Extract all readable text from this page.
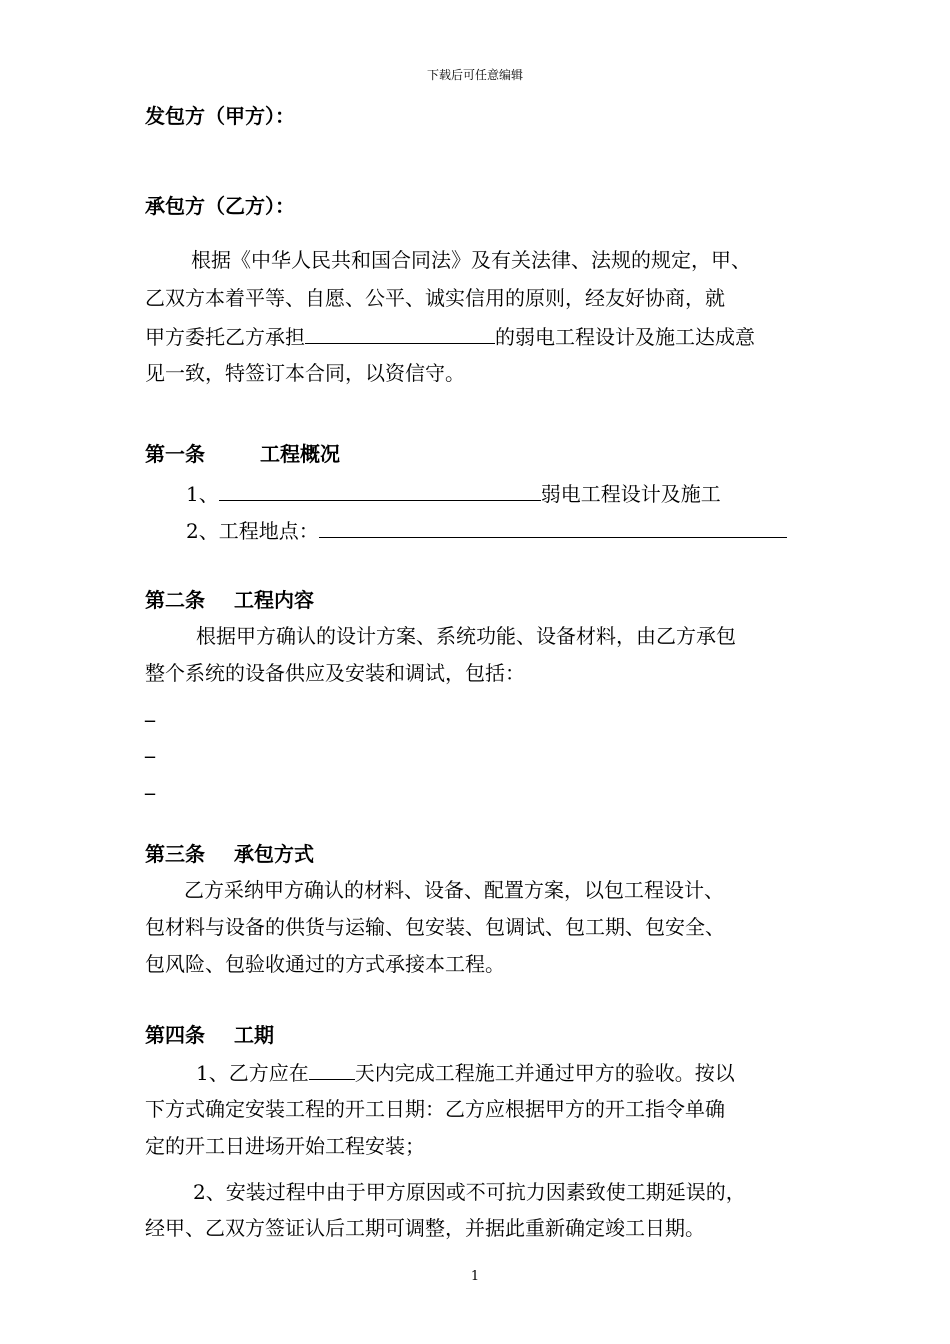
下载后可任意编辑
发包方（甲方）：
承包方（乙方）：
根据《中华人民共和国合同法》及有关法律、法规的规定，甲、
乙双方本着平等、自愿、公平、诚实信用的原则，经友好协商，就
甲方委托乙方承担	的弱电工程设计及施工达成意
见一致，特签订本合同，以资信守。
第一条	工程概况
1、	弱电工程设计及施工
2、工程地点：
第二条 工程内容
根据甲方确认的设计方案、系统功能、设备材料，由乙方承包
整个系统的设备供应及安装和调试，包括：
_
_
_
第三条 承包方式
乙方采纳甲方确认的材料、设备、配置方案，以包工程设计、
包材料与设备的供货与运输、包安装、包调试、包工期、包安全、
包风险、包验收通过的方式承接本工程。
第四条 工期
1、乙方应在 天内完成工程施工并通过甲方的验收。按以
下方式确定安装工程的开工日期：乙方应根据甲方的开工指令单确
定的开工日进场开始工程安装；
2、安装过程中由于甲方原因或不可抗力因素致使工期延误的，
经甲、乙双方签证认后工期可调整，并据此重新确定竣工日期。
1
